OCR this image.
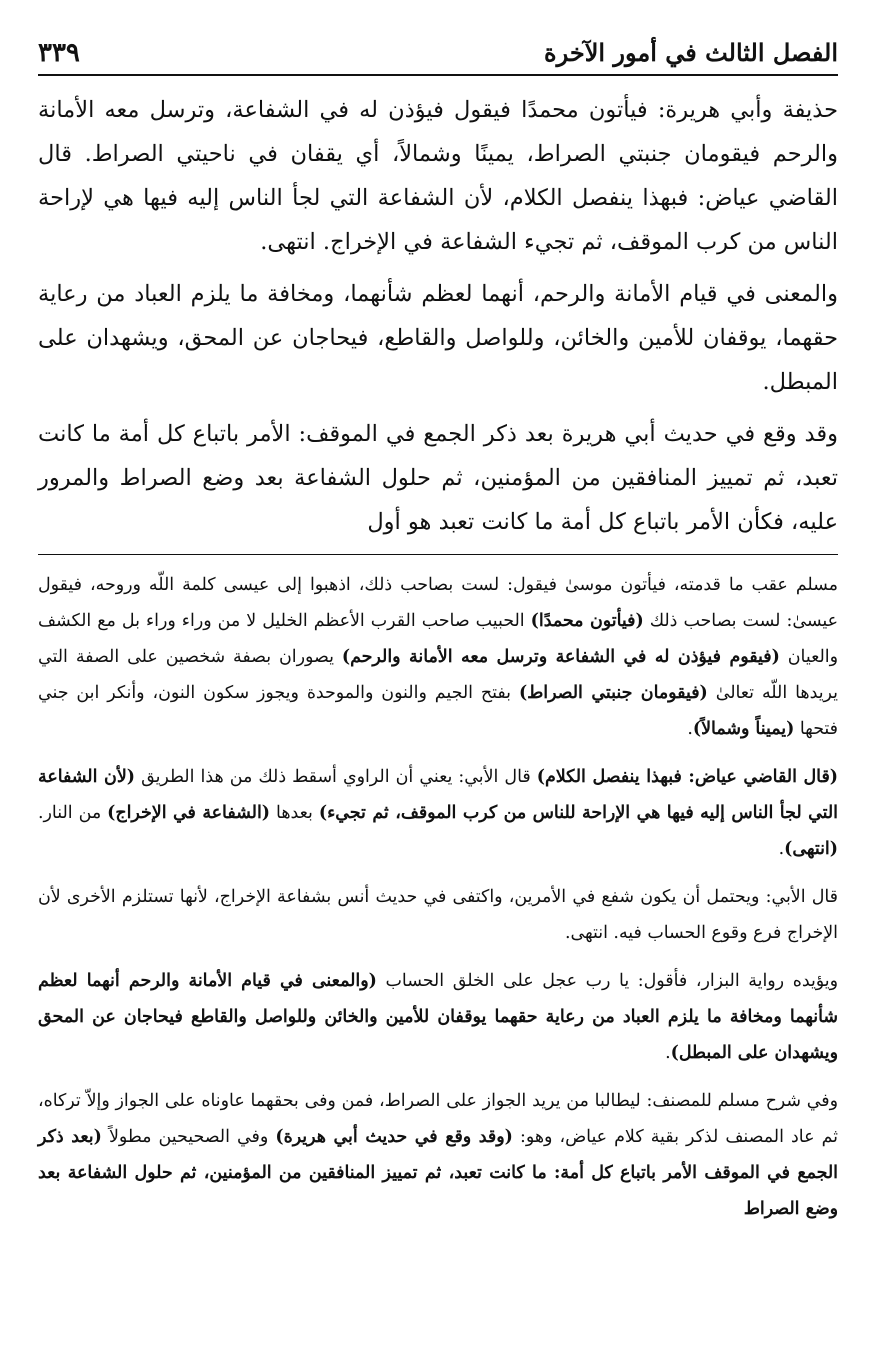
الفصل الثالث في أمور الآخرة
٣٣٩

حذيفة وأبي هريرة: فيأتون محمدًا فيقول فيؤذن له في الشفاعة، وترسل معه الأمانة والرحم فيقومان جنبتي الصراط، يمينًا وشمالاً، أي يقفان في ناحيتي الصراط. قال القاضي عياض: فبهذا ينفصل الكلام، لأن الشفاعة التي لجأ الناس إليه فيها هي لإراحة الناس من كرب الموقف، ثم تجيء الشفاعة في الإخراج. انتهى.

والمعنى في قيام الأمانة والرحم، أنهما لعظم شأنهما، ومخافة ما يلزم العباد من رعاية حقهما، يوقفان للأمين والخائن، وللواصل والقاطع، فيحاجان عن المحق، ويشهدان على المبطل.

وقد وقع في حديث أبي هريرة بعد ذكر الجمع في الموقف: الأمر باتباع كل أمة ما كانت تعبد، ثم تمييز المنافقين من المؤمنين، ثم حلول الشفاعة بعد وضع الصراط والمرور عليه، فكأن الأمر باتباع كل أمة ما كانت تعبد هو أول

مسلم عقب ما قدمته، فيأتون موسىٰ فيقول: لست بصاحب ذلك، اذهبوا إلى عيسى كلمة اللّه وروحه، فيقول عيسىٰ: لست بصاحب ذلك (فيأتون محمدًا) الحبيب صاحب القرب الأعظم الخليل لا من وراء وراء بل مع الكشف والعيان (فيقوم فيؤذن له في الشفاعة وترسل معه الأمانة والرحم) يصوران بصفة شخصين على الصفة التي يريدها اللّه تعالىٰ (فيقومان جنبتي الصراط) بفتح الجيم والنون والموحدة ويجوز سكون النون، وأنكر ابن جني فتحها (يميناً وشمالاً).

(قال القاضي عياض: فبهذا ينفصل الكلام) قال الأبي: يعني أن الراوي أسقط ذلك من هذا الطريق (لأن الشفاعة التي لجأ الناس إليه فيها هي الإراحة للناس من كرب الموقف، ثم تجيء) بعدها (الشفاعة في الإخراج) من النار. (انتهى).

قال الأبي: ويحتمل أن يكون شفع في الأمرين، واكتفى في حديث أنس بشفاعة الإخراج، لأنها تستلزم الأخرى لأن الإخراج فرع وقوع الحساب فيه. انتهى.

ويؤيده رواية البزار، فأقول: يا رب عجل على الخلق الحساب (والمعنى في قيام الأمانة والرحم أنهما لعظم شأنهما ومخافة ما يلزم العباد من رعاية حقهما يوقفان للأمين والخائن وللواصل والقاطع فيحاجان عن المحق ويشهدان على المبطل).

وفي شرح مسلم للمصنف: ليطالبا من يريد الجواز على الصراط، فمن وفى بحقهما عاوناه على الجواز وإلاّ تركاه، ثم عاد المصنف لذكر بقية كلام عياض، وهو: (وقد وقع في حديث أبي هريرة) وفي الصحيحين مطولاً (بعد ذكر الجمع في الموقف الأمر باتباع كل أمة: ما كانت تعبد، ثم تمييز المنافقين من المؤمنين، ثم حلول الشفاعة بعد وضع الصراط
